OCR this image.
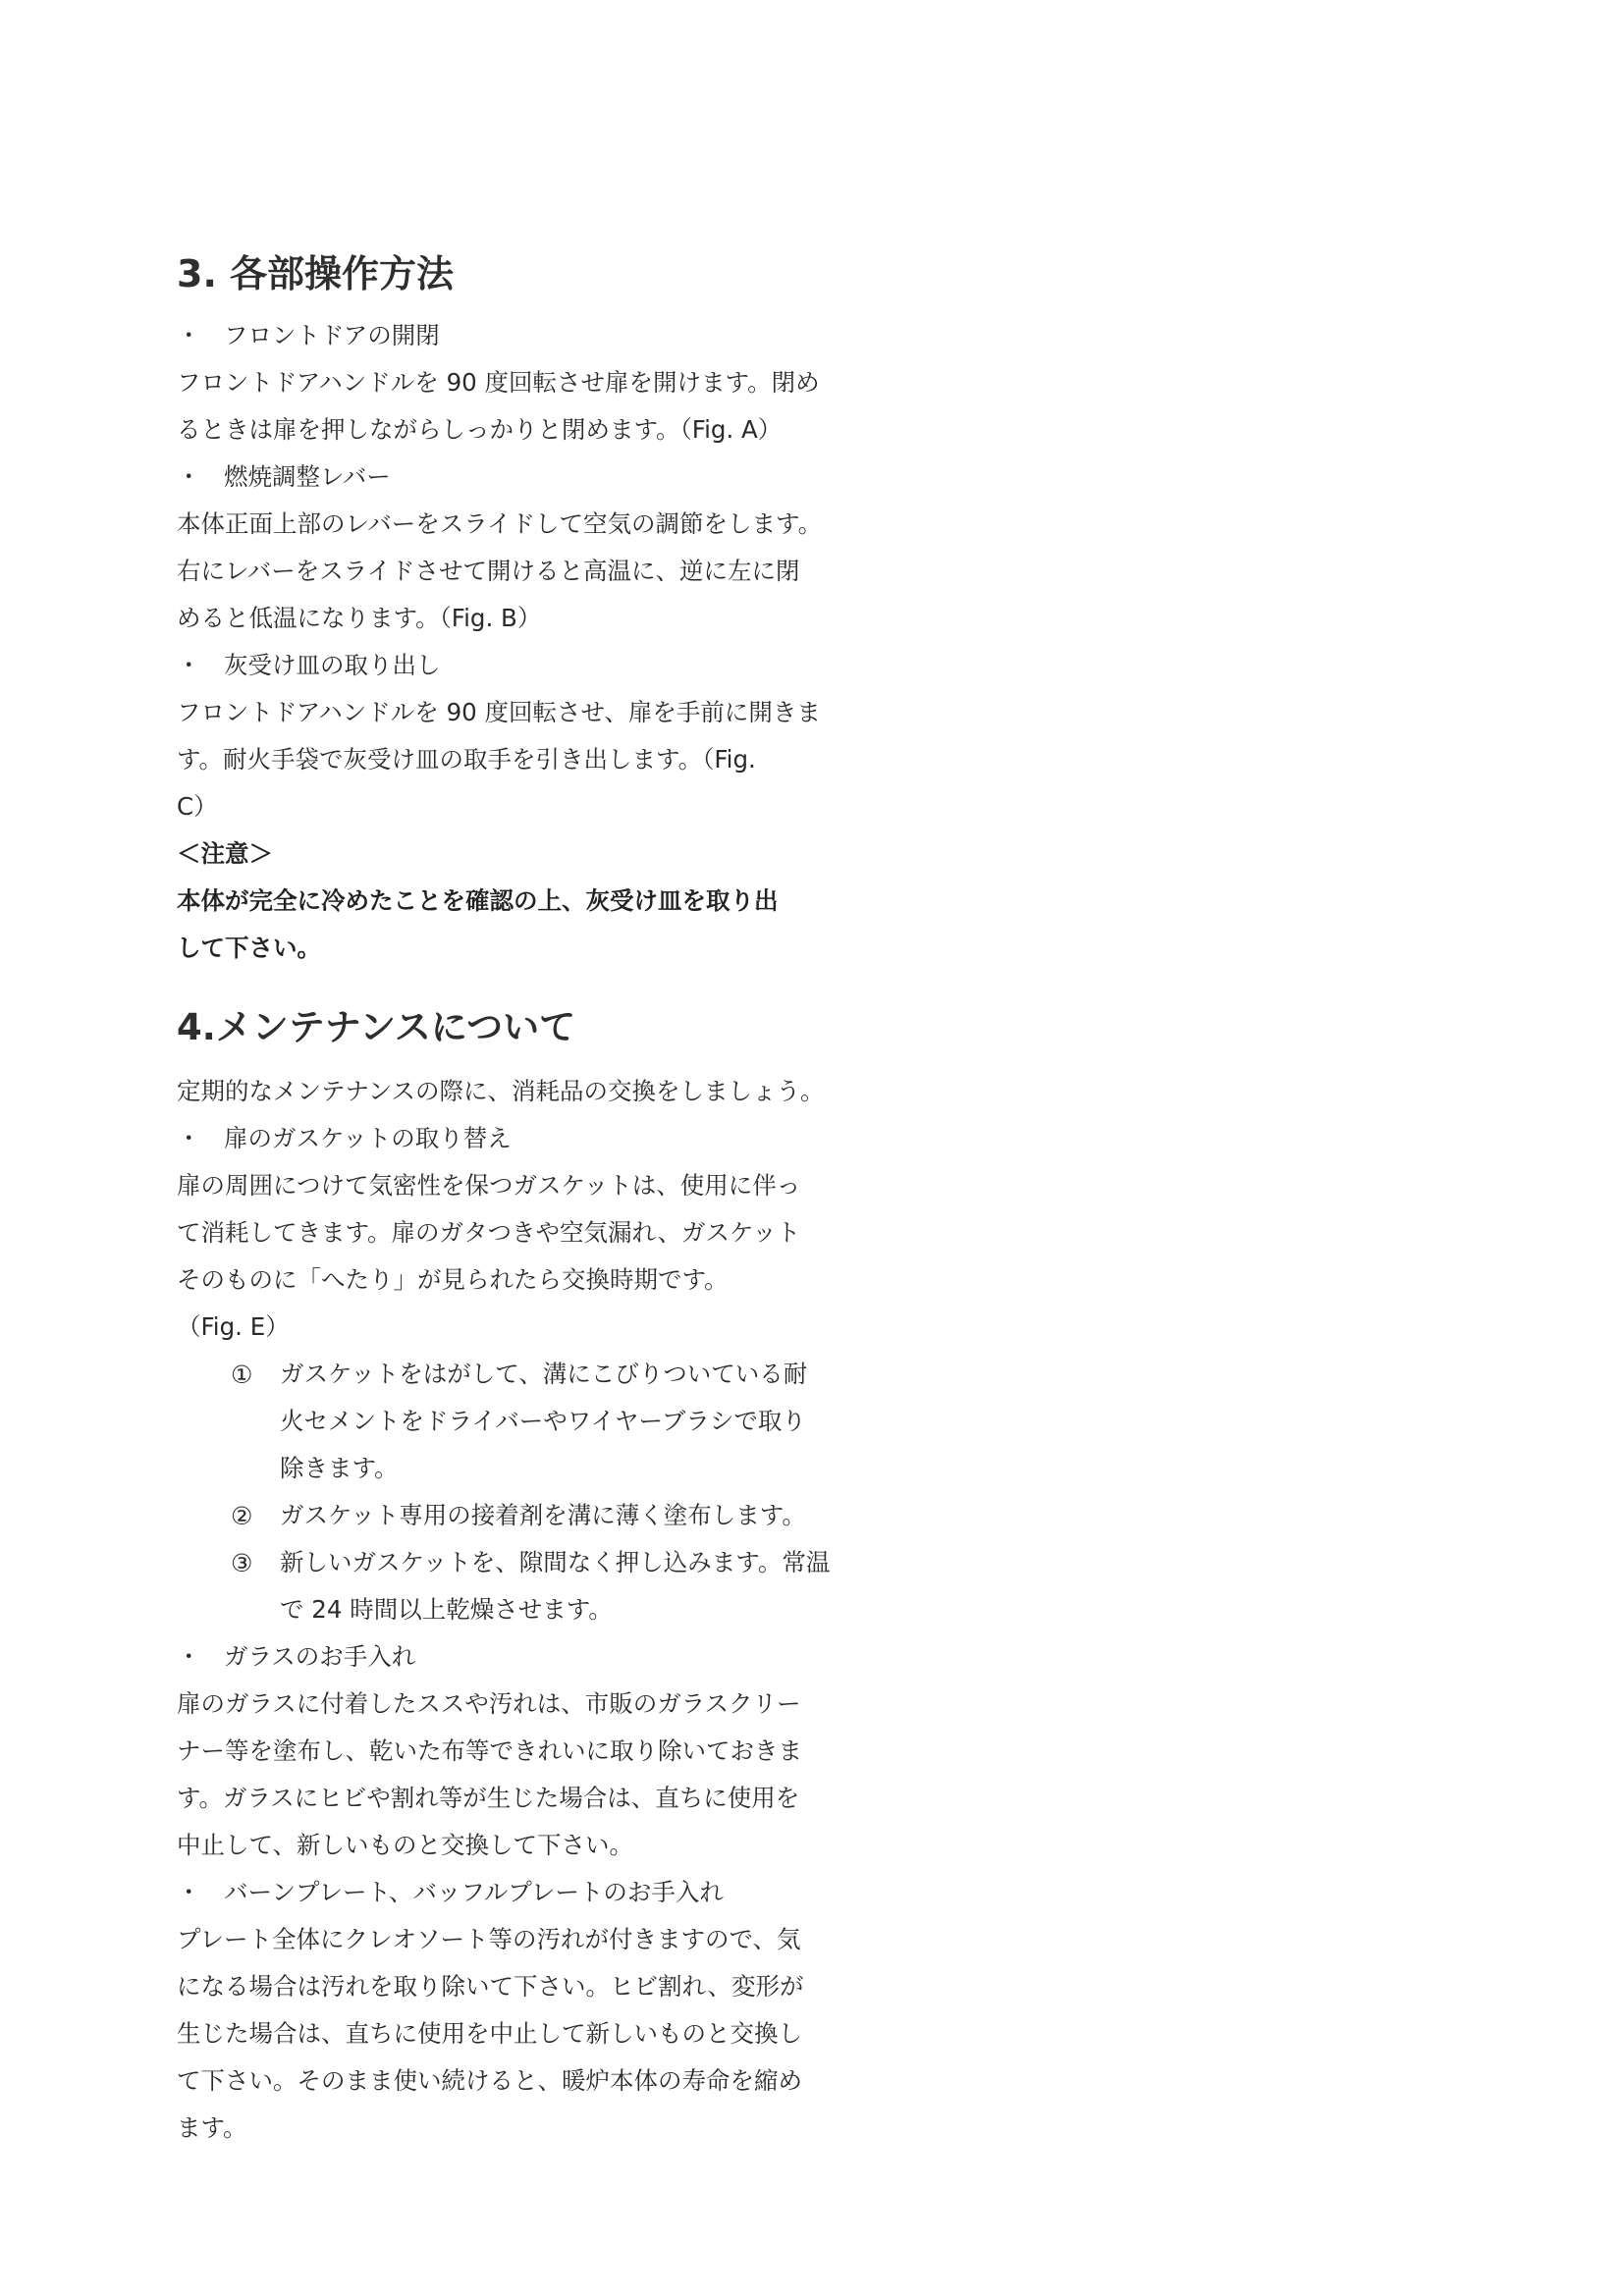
3. 各部操作方法
・ フロントドアの開閉
フロントドアハンドルを 90 度回転させ扉を開けます。閉め
るときは扉を押しながらしっかりと閉めます。（Fig. A）
・ 燃焼調整レバー
本体正面上部のレバーをスライドして空気の調節をします。
右にレバーをスライドさせて開けると高温に、逆に左に閉
めると低温になります。（Fig. B）
・ 灰受け皿の取り出し
フロントドアハンドルを 90 度回転させ、扉を手前に開きま
す。耐火手袋で灰受け皿の取手を引き出します。（Fig.
C）
＜注意＞
本体が完全に冷めたことを確認の上、灰受け皿を取り出
して下さい。
4.メンテナンスについて
定期的なメンテナンスの際に、消耗品の交換をしましょう。
・ 扉のガスケットの取り替え
扉の周囲につけて気密性を保つガスケットは、使用に伴っ
て消耗してきます。扉のガタつきや空気漏れ、ガスケット
そのものに「へたり」が見られたら交換時期です。
（Fig. E）
① ガスケットをはがして、溝にこびりついている耐
火セメントをドライバーやワイヤーブラシで取り
除きます。
② ガスケット専用の接着剤を溝に薄く塗布します。
③ 新しいガスケットを、隙間なく押し込みます。常温
で 24 時間以上乾燥させます。
・ ガラスのお手入れ
扉のガラスに付着したススや汚れは、市販のガラスクリー
ナー等を塗布し、乾いた布等できれいに取り除いておきま
す。ガラスにヒビや割れ等が生じた場合は、直ちに使用を
中止して、新しいものと交換して下さい。
・ バーンプレート、バッフルプレートのお手入れ
プレート全体にクレオソート等の汚れが付きますので、気
になる場合は汚れを取り除いて下さい。ヒビ割れ、変形が
生じた場合は、直ちに使用を中止して新しいものと交換し
て下さい。そのまま使い続けると、暖炉本体の寿命を縮め
ます。
